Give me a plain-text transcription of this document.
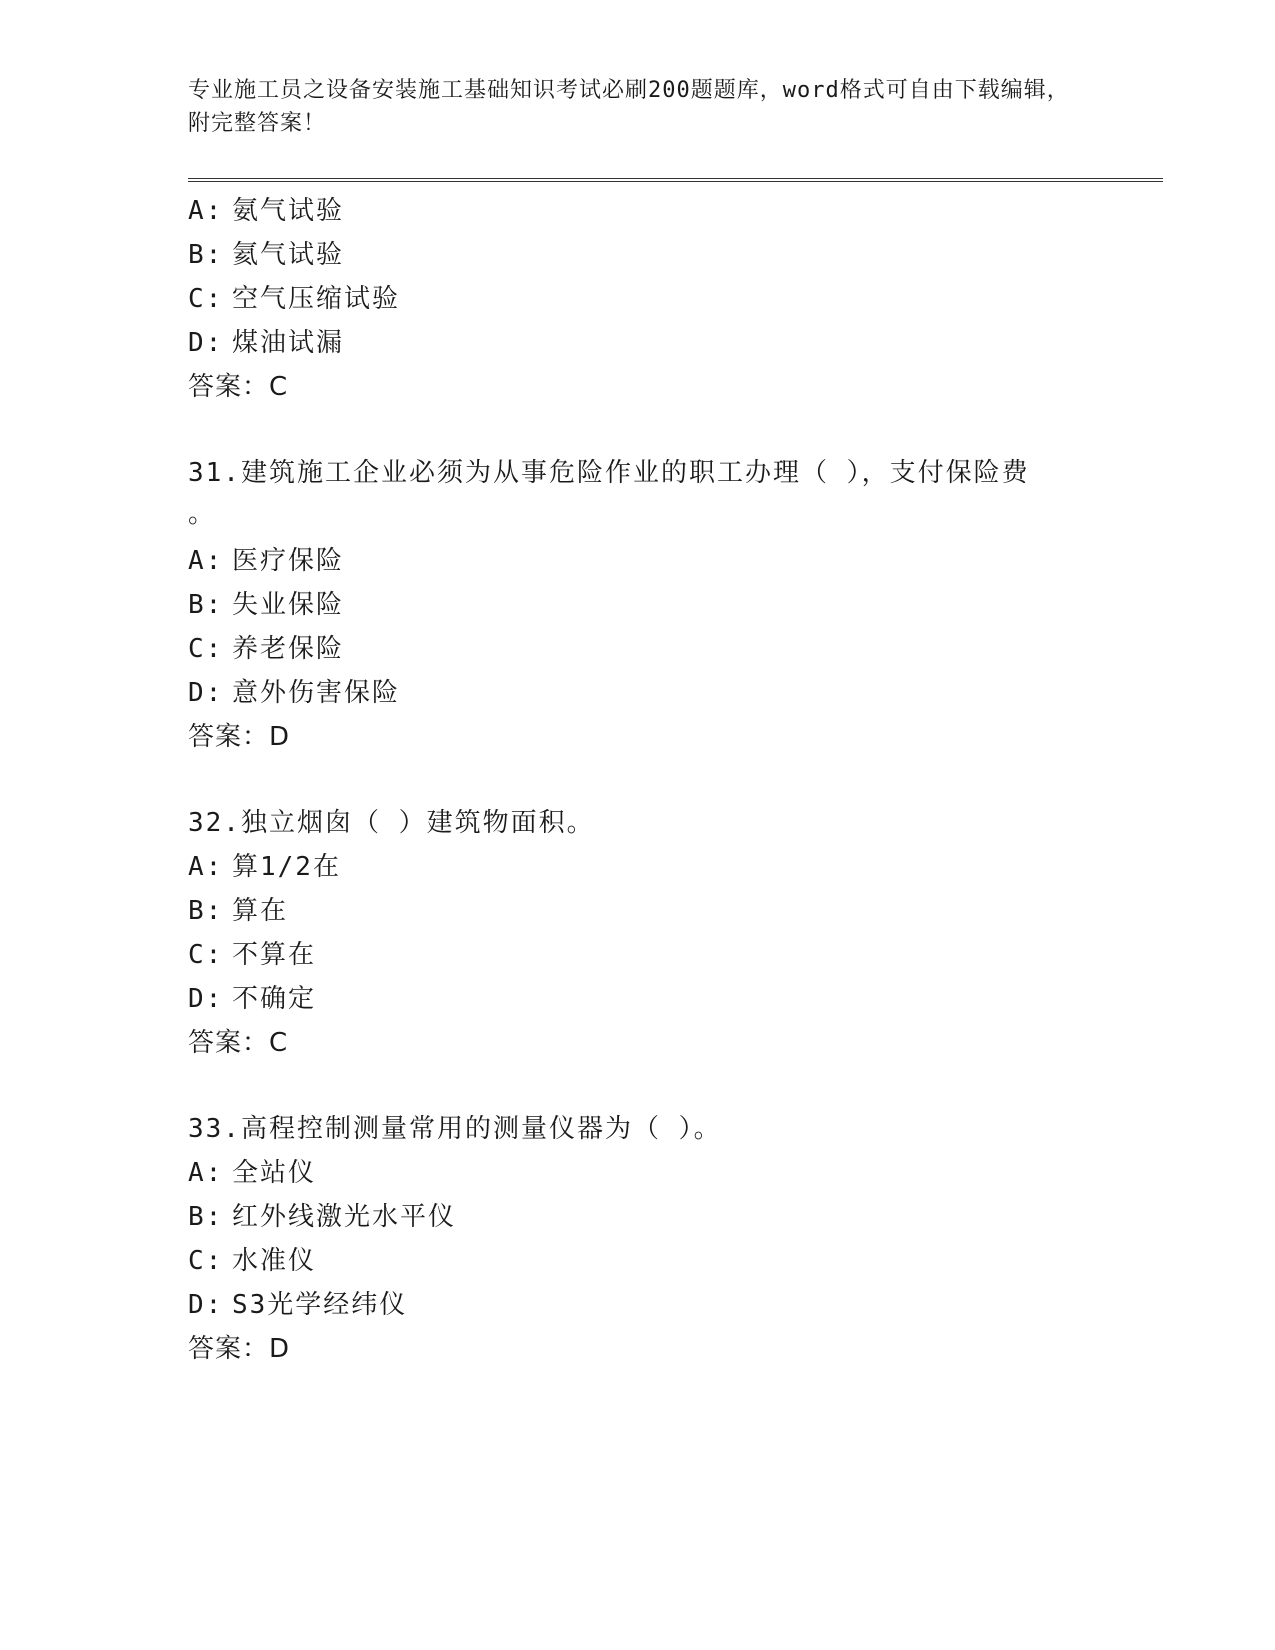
专业施工员之设备安装施工基础知识考试必刷200题题库，word格式可自由下载编辑，附完整答案！
A: 氨气试验
B: 氦气试验
C: 空气压缩试验
D: 煤油试漏
答案：C
31.建筑施工企业必须为从事危险作业的职工办理（ ），支付保险费
。
A: 医疗保险
B: 失业保险
C: 养老保险
D: 意外伤害保险
答案：D
32.独立烟囱（ ）建筑物面积。
A: 算1/2在
B: 算在
C: 不算在
D: 不确定
答案：C
33.高程控制测量常用的测量仪器为（ ）。
A: 全站仪
B: 红外线激光水平仪
C: 水准仪
D: S3光学经纬仪
答案：D
